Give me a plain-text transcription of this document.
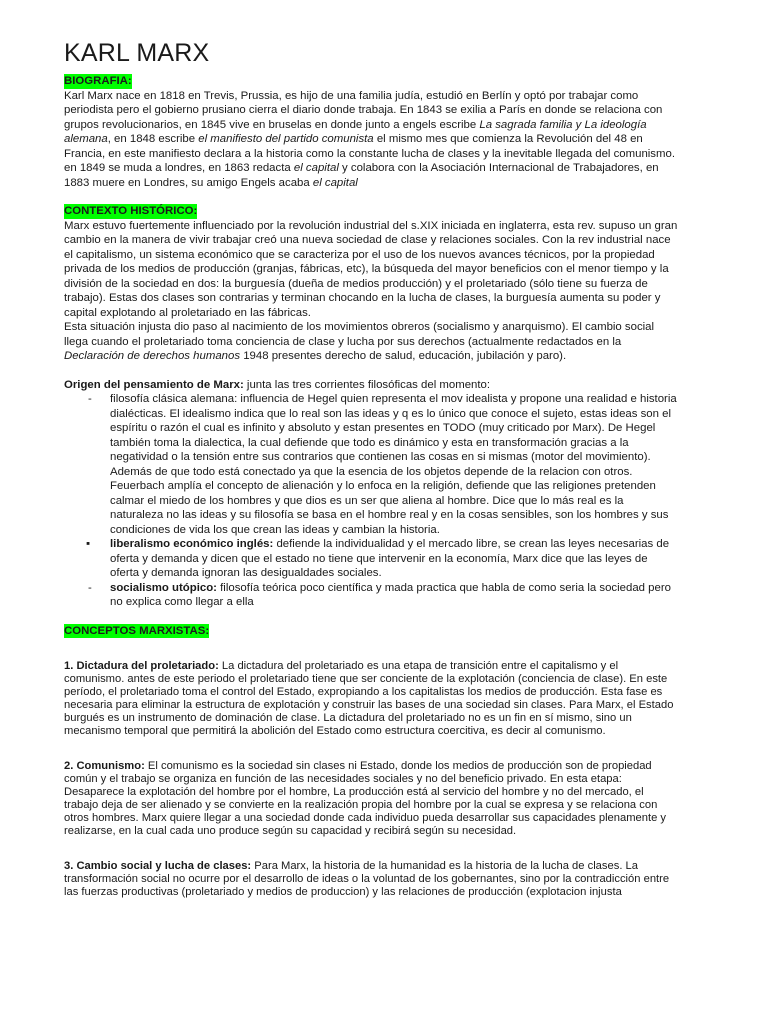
KARL MARX
BIOGRAFIA:

Karl Marx nace en 1818 en Trevis, Prussia, es hijo de una familia judía, estudió en Berlín y optó por trabajar como periodista pero el gobierno prusiano cierra el diario donde trabaja. En 1843 se exilia a París en donde se relaciona con grupos revolucionarios, en 1845 vive en bruselas en donde junto a engels escribe La sagrada familia y La ideología alemana, en 1848 escribe el manifiesto del partido comunista el mismo mes que comienza la Revolución del 48 en Francia, en este manifiesto declara a la historia como la constante lucha de clases y la inevitable llegada del comunismo.

en 1849 se muda a londres, en 1863 redacta el capital y colabora con la Asociación Internacional de Trabajadores, en 1883 muere en Londres, su amigo Engels acaba el capital

CONTEXTO HISTÓRICO:

Marx estuvo fuertemente influenciado por la revolución industrial del s.XIX iniciada en inglaterra, esta rev. supuso un gran cambio en la manera de vivir trabajar creó una nueva sociedad de clase y relaciones sociales. Con la rev industrial nace el capitalismo, un sistema económico que se caracteriza por el uso de los nuevos avances técnicos, por la propiedad privada de los medios de producción (granjas, fábricas, etc), la búsqueda del mayor beneficios con el menor tiempo y la división de la sociedad en dos: la burguesía (dueña de medios producción) y el proletariado (sólo tiene su fuerza de trabajo). Estas dos clases son contrarias y terminan chocando en la lucha de clases, la burguesía aumenta su poder y capital explotando al proletariado en las fábricas.

Esta situación injusta dio paso al nacimiento de los movimientos obreros (socialismo y anarquismo). El cambio social llega cuando el proletariado toma conciencia de clase y lucha por sus derechos (actualmente redactados en la Declaración de derechos humanos 1948 presentes derecho de salud, educación, jubilación y paro).

Origen del pensamiento de Marx: junta las tres corrientes filosóficas del momento:

- filosofía clásica alemana: influencia de Hegel quien representa el mov idealista y propone una realidad e historia dialécticas. El idealismo indica que lo real son las ideas y q es lo único que conoce el sujeto, estas ideas son el espíritu o razón el cual es infinito y absoluto y estan presentes en TODO (muy criticado por Marx). De Hegel también toma la dialectica, la cual defiende que todo es dinámico y esta en transformación gracias a la negatividad o la tensión entre sus contrarios que contienen las cosas en si mismas (motor del movimiento). Además de que todo está conectado ya que la esencia de los objetos depende de la relacion con otros.

Feuerbach amplía el concepto de alienación y lo enfoca en la religión, defiende que las religiones pretenden calmar el miedo de los hombres y que dios es un ser que aliena al hombre. Dice que lo más real es la naturaleza no las ideas y su filosofía se basa en el hombre real y en la cosas sensibles, son los hombres y sus condiciones de vida los que crean las ideas y cambian la historia.

▪ liberalismo económico inglés: defiende la individualidad y el mercado libre, se crean las leyes necesarias de oferta y demanda y dicen que el estado no tiene que intervenir en la economía, Marx dice que las leyes de oferta y demanda ignoran las desigualdades sociales.
- socialismo utópico: filosofía teórica poco científica y mada practica que habla de como seria la sociedad pero no explica como llegar a ella
CONCEPTOS MARXISTAS:

1. Dictadura del proletariado: La dictadura del proletariado es una etapa de transición entre el capitalismo y el comunismo. antes de este periodo el proletariado tiene que ser conciente de la explotación (conciencia de clase). En este período, el proletariado toma el control del Estado, expropiando a los capitalistas los medios de producción. Esta fase es necesaria para eliminar la estructura de explotación y construir las bases de una sociedad sin clases. Para Marx, el Estado burgués es un instrumento de dominación de clase. La dictadura del proletariado no es un fin en sí mismo, sino un mecanismo temporal que permitirá la abolición del Estado como estructura coercitiva, es decir al comunismo.

2. Comunismo: El comunismo es la sociedad sin clases ni Estado, donde los medios de producción son de propiedad común y el trabajo se organiza en función de las necesidades sociales y no del beneficio privado. En esta etapa: Desaparece la explotación del hombre por el hombre, La producción está al servicio del hombre y no del mercado, el trabajo deja de ser alienado y se convierte en la realización propia del hombre por la cual se expresa y se relaciona con otros hombres. Marx quiere llegar a una sociedad donde cada individuo pueda desarrollar sus capacidades plenamente y realizarse, en la cual cada uno produce según su capacidad y recibirá según su necesidad.

3. Cambio social y lucha de clases: Para Marx, la historia de la humanidad es la historia de la lucha de clases. La transformación social no ocurre por el desarrollo de ideas o la voluntad de los gobernantes, sino por la contradicción entre las fuerzas productivas (proletariado y medios de produccion) y las relaciones de producción (explotacion injusta
